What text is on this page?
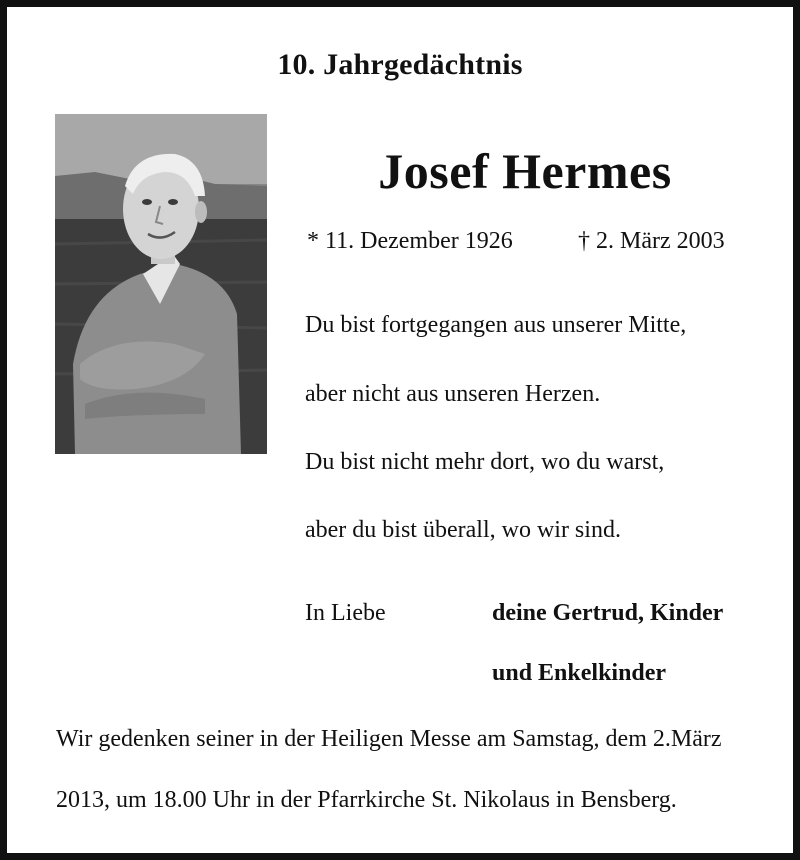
10. Jahrgedächtnis
Josef Hermes
* 11. Dezember 1926	† 2. März 2003
Du bist fortgegangen aus unserer Mitte,
aber nicht aus unseren Herzen.
Du bist nicht mehr dort, wo du warst,
aber du bist überall, wo wir sind.
In Liebe	deine Gertrud, Kinder
und Enkelkinder
Wir gedenken seiner in der Heiligen Messe am Samstag, dem 2.März
2013, um 18.00 Uhr in der Pfarrkirche St. Nikolaus in Bensberg.
